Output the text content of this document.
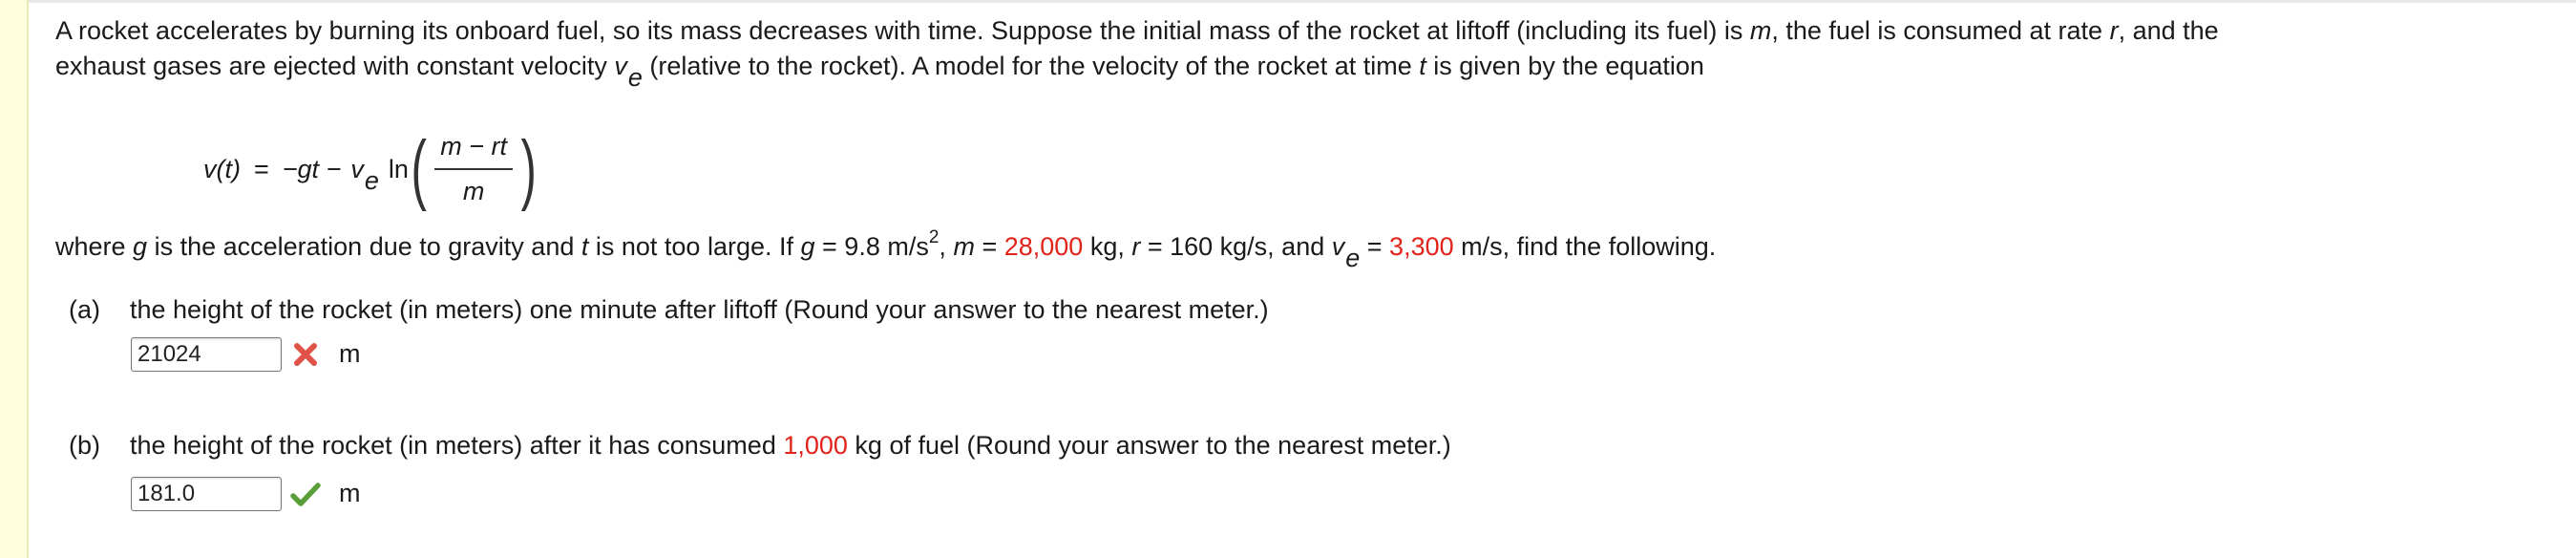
A rocket accelerates by burning its onboard fuel, so its mass decreases with time. Suppose the initial mass of the rocket at liftoff (including its fuel) is m, the fuel is consumed at rate r, and the

exhaust gases are ejected with constant velocity ve (relative to the rocket). A model for the velocity of the rocket at time t is given by the equation

v(t) = −gt − ve ln ( $\frac{m - rt}{m}$ )
where g is the acceleration due to gravity and t is not too large. If g = 9.8 $m/s^2$, m = 28,000 kg, r = 160 kg/s, and ve = 3,300 m/s, find the following.
(a) the height of the rocket (in meters) one minute after liftoff (Round your answer to the nearest meter.)
21024	m
(b) the height of the rocket (in meters) after it has consumed 1,000 kg of fuel (Round your answer to the nearest meter.)
181.0	m
